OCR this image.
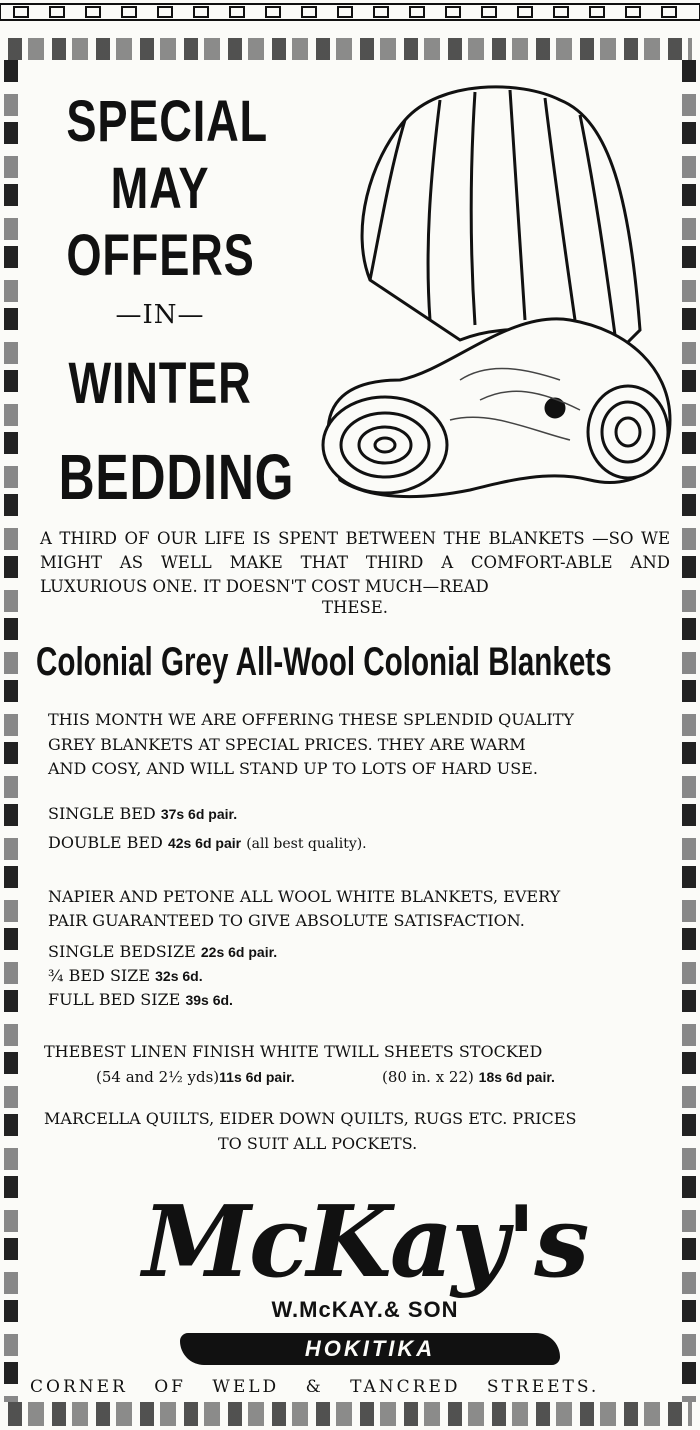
SPECIAL
MAY
OFFERS
—IN—
WINTER
BEDDING
A THIRD OF OUR LIFE IS SPENT BETWEEN THE BLANKETS —SO WE MIGHT AS WELL MAKE THAT THIRD A COMFORT-ABLE AND LUXURIOUS ONE. IT DOESN'T COST MUCH—READ
THESE.
Colonial Grey All-Wool Colonial Blankets
THIS MONTH WE ARE OFFERING THESE SPLENDID QUALITY
GREY BLANKETS AT SPECIAL PRICES. THEY ARE WARM
AND COSY, AND WILL STAND UP TO LOTS OF HARD USE.
SINGLE BED 37s 6d pair.
DOUBLE BED 42s 6d pair (all best quality).
NAPIER AND PETONE ALL WOOL WHITE BLANKETS, EVERY
PAIR GUARANTEED TO GIVE ABSOLUTE SATISFACTION.
SINGLE BEDSIZE 22s 6d pair.
¾ BED SIZE 32s 6d.
FULL BED SIZE 39s 6d.
THEBEST LINEN FINISH WHITE TWILL SHEETS STOCKED
(54 and 2½ yds)11s 6d pair.	(80 in. x 22) 18s 6d pair.
MARCELLA QUILTS, EIDER DOWN QUILTS, RUGS ETC. PRICES
TO SUIT ALL POCKETS.
McKay's
W.McKAY.& SON
HOKITIKA
CORNER OF WELD & TANCRED STREETS.
